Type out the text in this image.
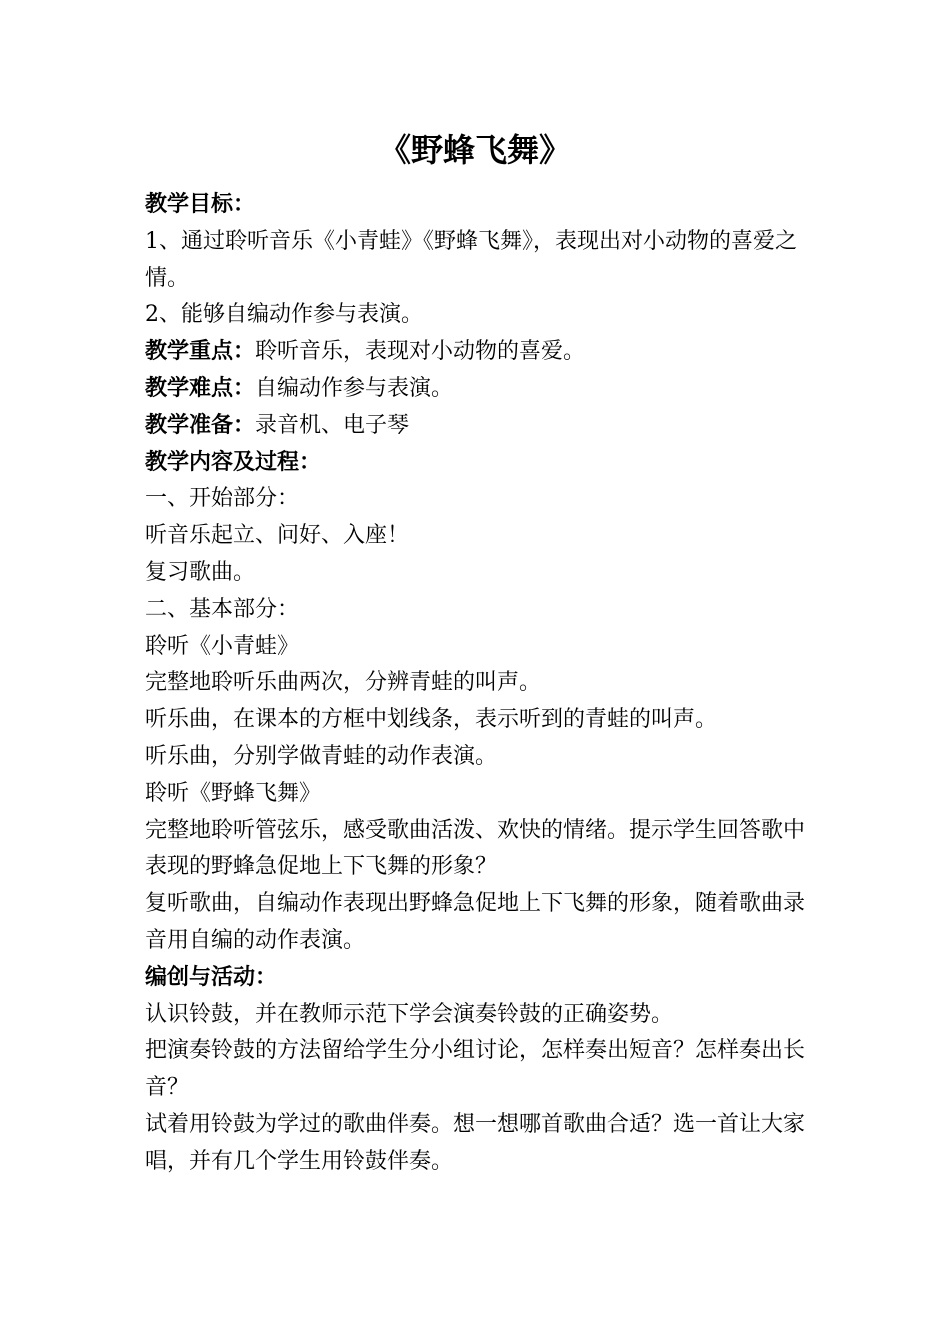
《野蜂飞舞》

教学目标：

1、通过聆听音乐《小青蛙》《野蜂飞舞》，表现出对小动物的喜爱之情。

2、能够自编动作参与表演。

教学重点：聆听音乐，表现对小动物的喜爱。

教学难点：自编动作参与表演。

教学准备：录音机、电子琴

教学内容及过程：

一、开始部分：

听音乐起立、问好、入座！

复习歌曲。

二、基本部分：

聆听《小青蛙》

完整地聆听乐曲两次，分辨青蛙的叫声。

听乐曲，在课本的方框中划线条，表示听到的青蛙的叫声。

听乐曲，分别学做青蛙的动作表演。

聆听《野蜂飞舞》

完整地聆听管弦乐，感受歌曲活泼、欢快的情绪。提示学生回答歌中表现的野蜂急促地上下飞舞的形象？

复听歌曲，自编动作表现出野蜂急促地上下飞舞的形象，随着歌曲录音用自编的动作表演。

编创与活动：

认识铃鼓，并在教师示范下学会演奏铃鼓的正确姿势。

把演奏铃鼓的方法留给学生分小组讨论，怎样奏出短音？怎样奏出长音？

试着用铃鼓为学过的歌曲伴奏。想一想哪首歌曲合适？选一首让大家唱，并有几个学生用铃鼓伴奏。
